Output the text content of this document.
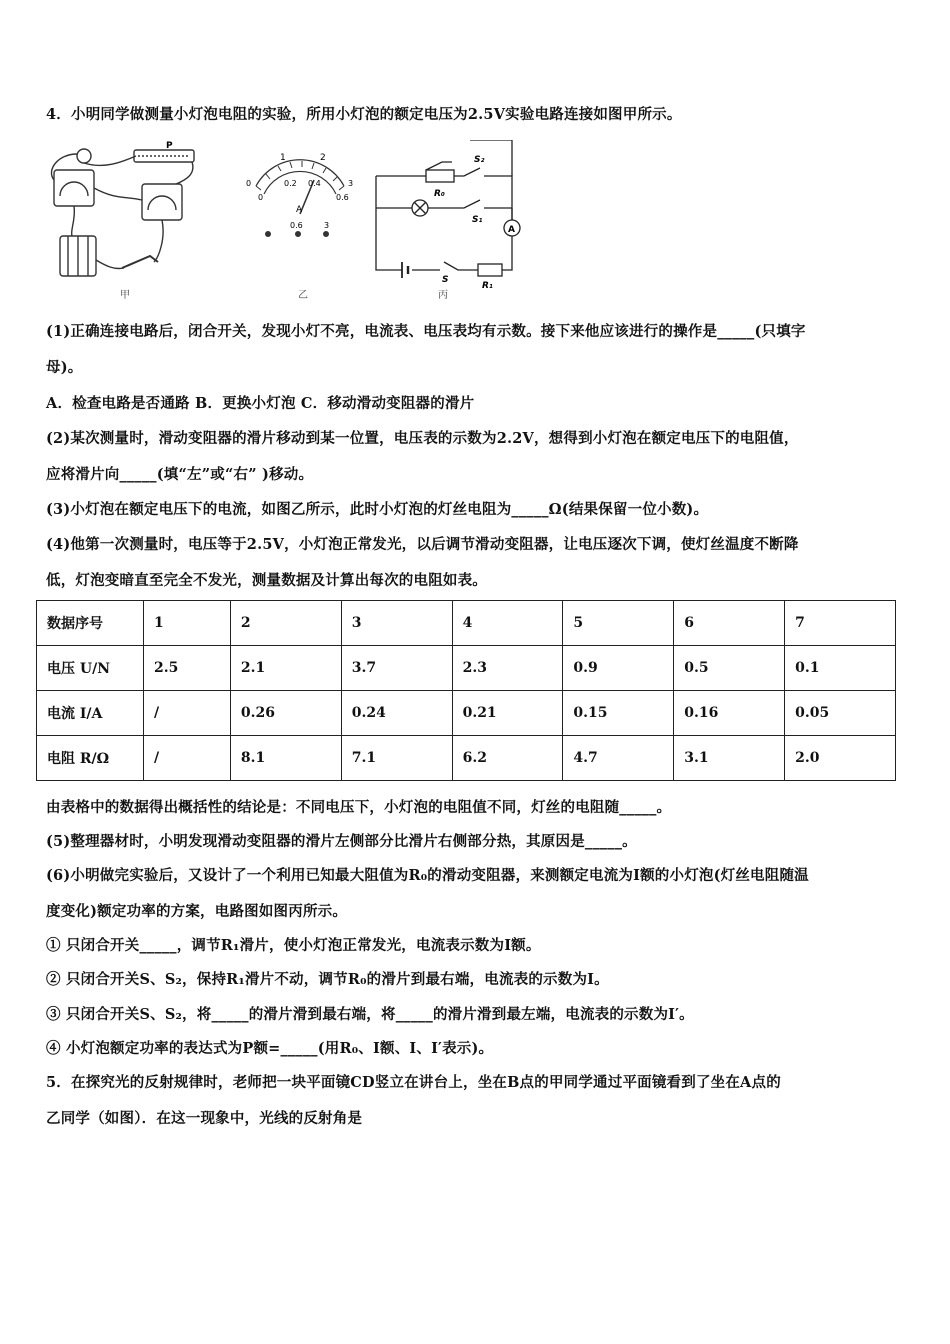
4．小明同学做测量小灯泡电阻的实验，所用小灯泡的额定电压为2.5V实验电路连接如图甲所示。
P
甲
1	2
0.2 0.4
0	3
0	0.6
A
0.6	3
乙
S₂
R₀
S₁
A
S
R₁
丙
(1)正确连接电路后，闭合开关，发现小灯不亮，电流表、电压表均有示数。接下来他应该进行的操作是_____(只填字
母)。
A．检查电路是否通路 B．更换小灯泡 C．移动滑动变阻器的滑片
(2)某次测量时，滑动变阻器的滑片移动到某一位置，电压表的示数为2.2V，想得到小灯泡在额定电压下的电阻值，
应将滑片向_____(填“左”或“右” )移动。
(3)小灯泡在额定电压下的电流，如图乙所示，此时小灯泡的灯丝电阻为_____Ω(结果保留一位小数)。
(4)他第一次测量时，电压等于2.5V，小灯泡正常发光，以后调节滑动变阻器，让电压逐次下调，使灯丝温度不断降
低，灯泡变暗直至完全不发光，测量数据及计算出每次的电阻如表。
数据序号	1	2	3	4	5	6	7
电压 U/N	2.5	2.1	3.7	2.3	0.9	0.5	0.1
电流 I/A	/	0.26	0.24	0.21	0.15	0.16	0.05
电阻 R/Ω	/	8.1	7.1	6.2	4.7	3.1	2.0
由表格中的数据得出概括性的结论是：不同电压下，小灯泡的电阻值不同，灯丝的电阻随_____。
(5)整理器材时，小明发现滑动变阻器的滑片左侧部分比滑片右侧部分热，其原因是_____。
(6)小明做完实验后，又设计了一个利用已知最大阻值为R₀的滑动变阻器，来测额定电流为I额的小灯泡(灯丝电阻随温
度变化)额定功率的方案，电路图如图丙所示。
① 只闭合开关_____，调节R₁滑片，使小灯泡正常发光，电流表示数为I额。
② 只闭合开关S、S₂，保持R₁滑片不动，调节R₀的滑片到最右端，电流表的示数为I。
③ 只闭合开关S、S₂，将_____的滑片滑到最右端，将_____的滑片滑到最左端，电流表的示数为I′。
④ 小灯泡额定功率的表达式为P额=_____(用R₀、I额、I、I′表示)。
5．在探究光的反射规律时，老师把一块平面镜CD竖立在讲台上，坐在B点的甲同学通过平面镜看到了坐在A点的
乙同学（如图）．在这一现象中，光线的反射角是
